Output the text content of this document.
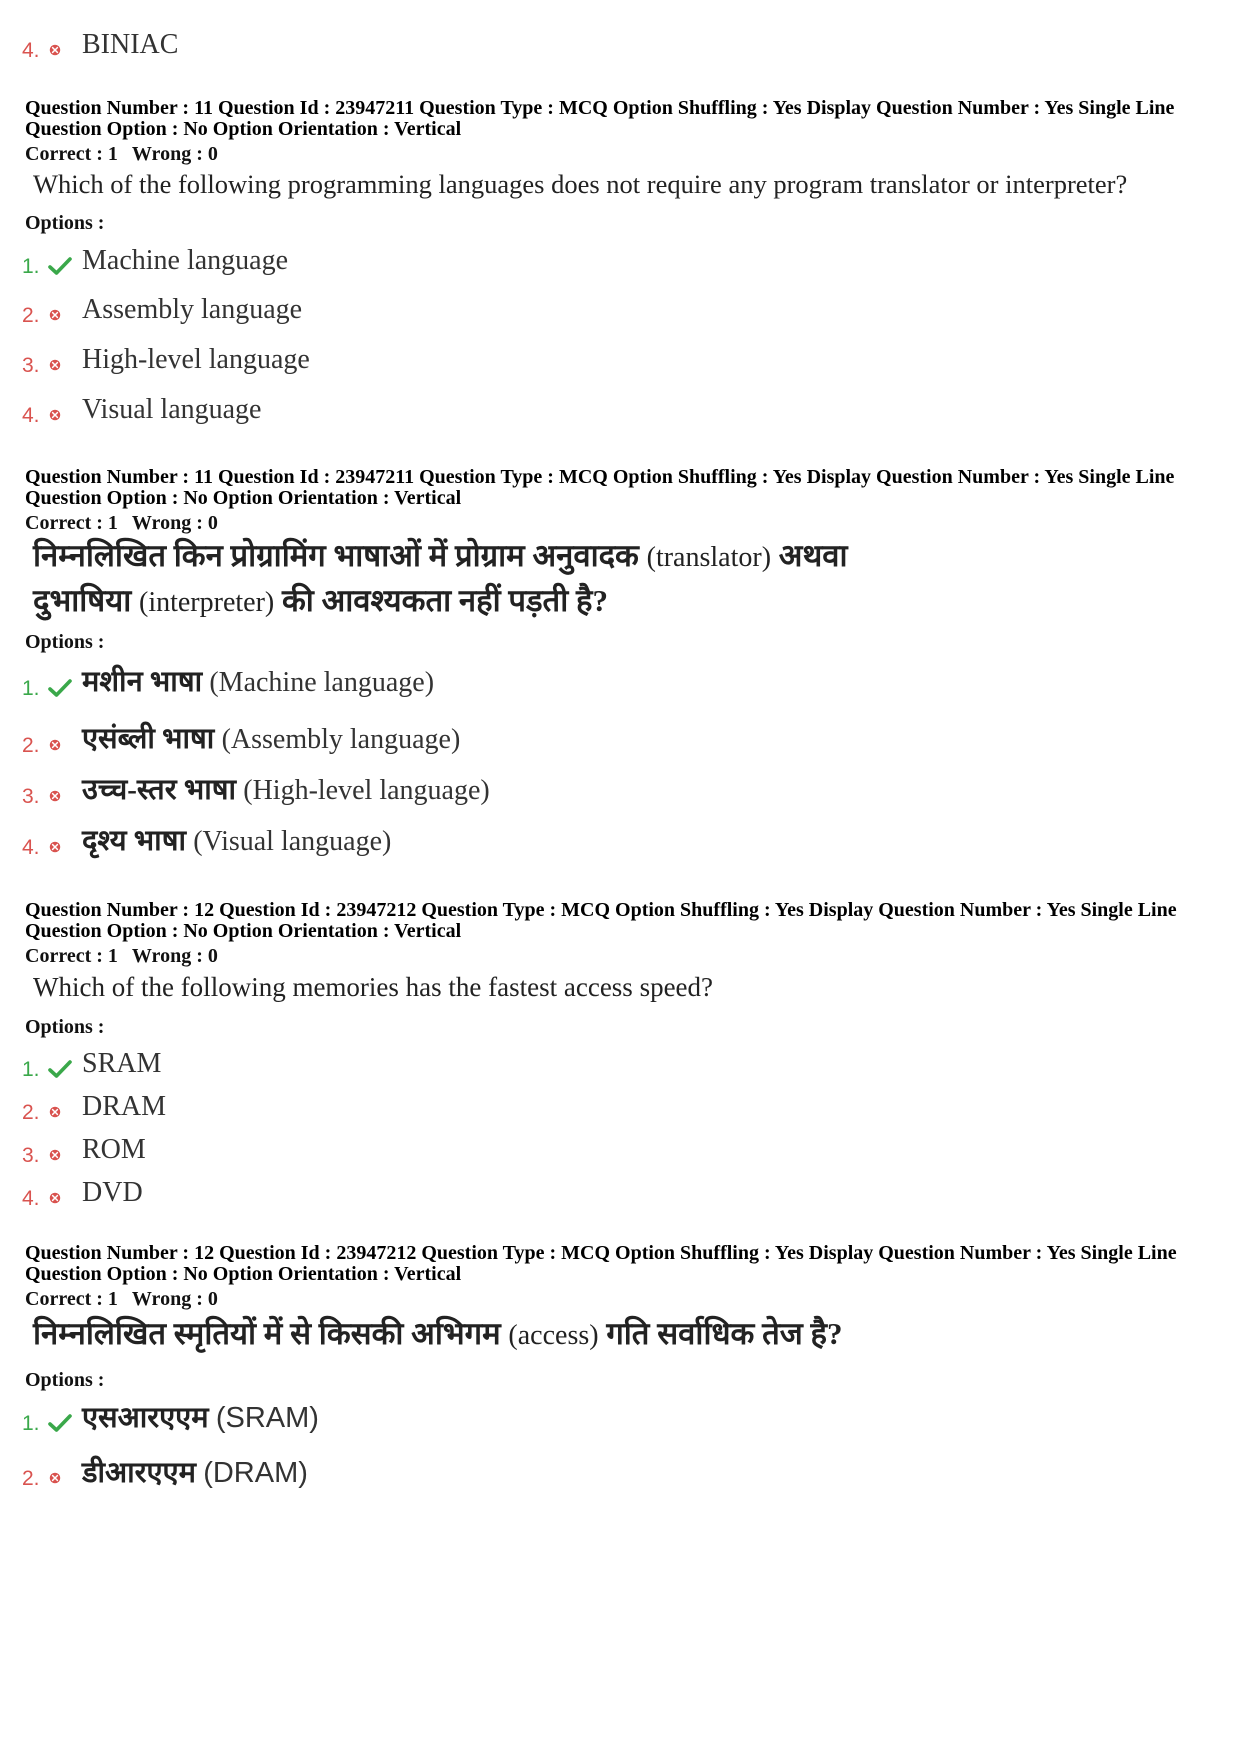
4.	BINIAC
Question Number : 11 Question Id : 23947211 Question Type : MCQ Option Shuffling : Yes Display Question Number : Yes Single Line Question Option : No Option Orientation : Vertical
Correct : 1 Wrong : 0
Which of the following programming languages does not require any program translator or interpreter?
Options :
1.	Machine language
2.	Assembly language
3.	High-level language
4.	Visual language
Question Number : 11 Question Id : 23947211 Question Type : MCQ Option Shuffling : Yes Display Question Number : Yes Single Line Question Option : No Option Orientation : Vertical
Correct : 1 Wrong : 0
निम्नलिखित किन प्रोग्रामिंग भाषाओं में प्रोग्राम अनुवादक (translator) अथवा
दुभाषिया (interpreter) की आवश्यकता नहीं पड़ती है?
Options :
1. मशीन भाषा (Machine language)
2. एसंब्ली भाषा (Assembly language)
3. उच्च-स्तर भाषा (High-level language)
4. दृश्य भाषा (Visual language)
Question Number : 12 Question Id : 23947212 Question Type : MCQ Option Shuffling : Yes Display Question Number : Yes Single Line Question Option : No Option Orientation : Vertical
Correct : 1 Wrong : 0
Which of the following memories has the fastest access speed?
Options :
1.	SRAM
2.	DRAM
3.	ROM
4.	DVD
Question Number : 12 Question Id : 23947212 Question Type : MCQ Option Shuffling : Yes Display Question Number : Yes Single Line Question Option : No Option Orientation : Vertical
Correct : 1 Wrong : 0
निम्नलिखित स्मृतियों में से किसकी अभिगम (access) गति सर्वाधिक तेज है?
Options :
1. एसआरएएम (SRAM)
2. डीआरएएम (DRAM)
